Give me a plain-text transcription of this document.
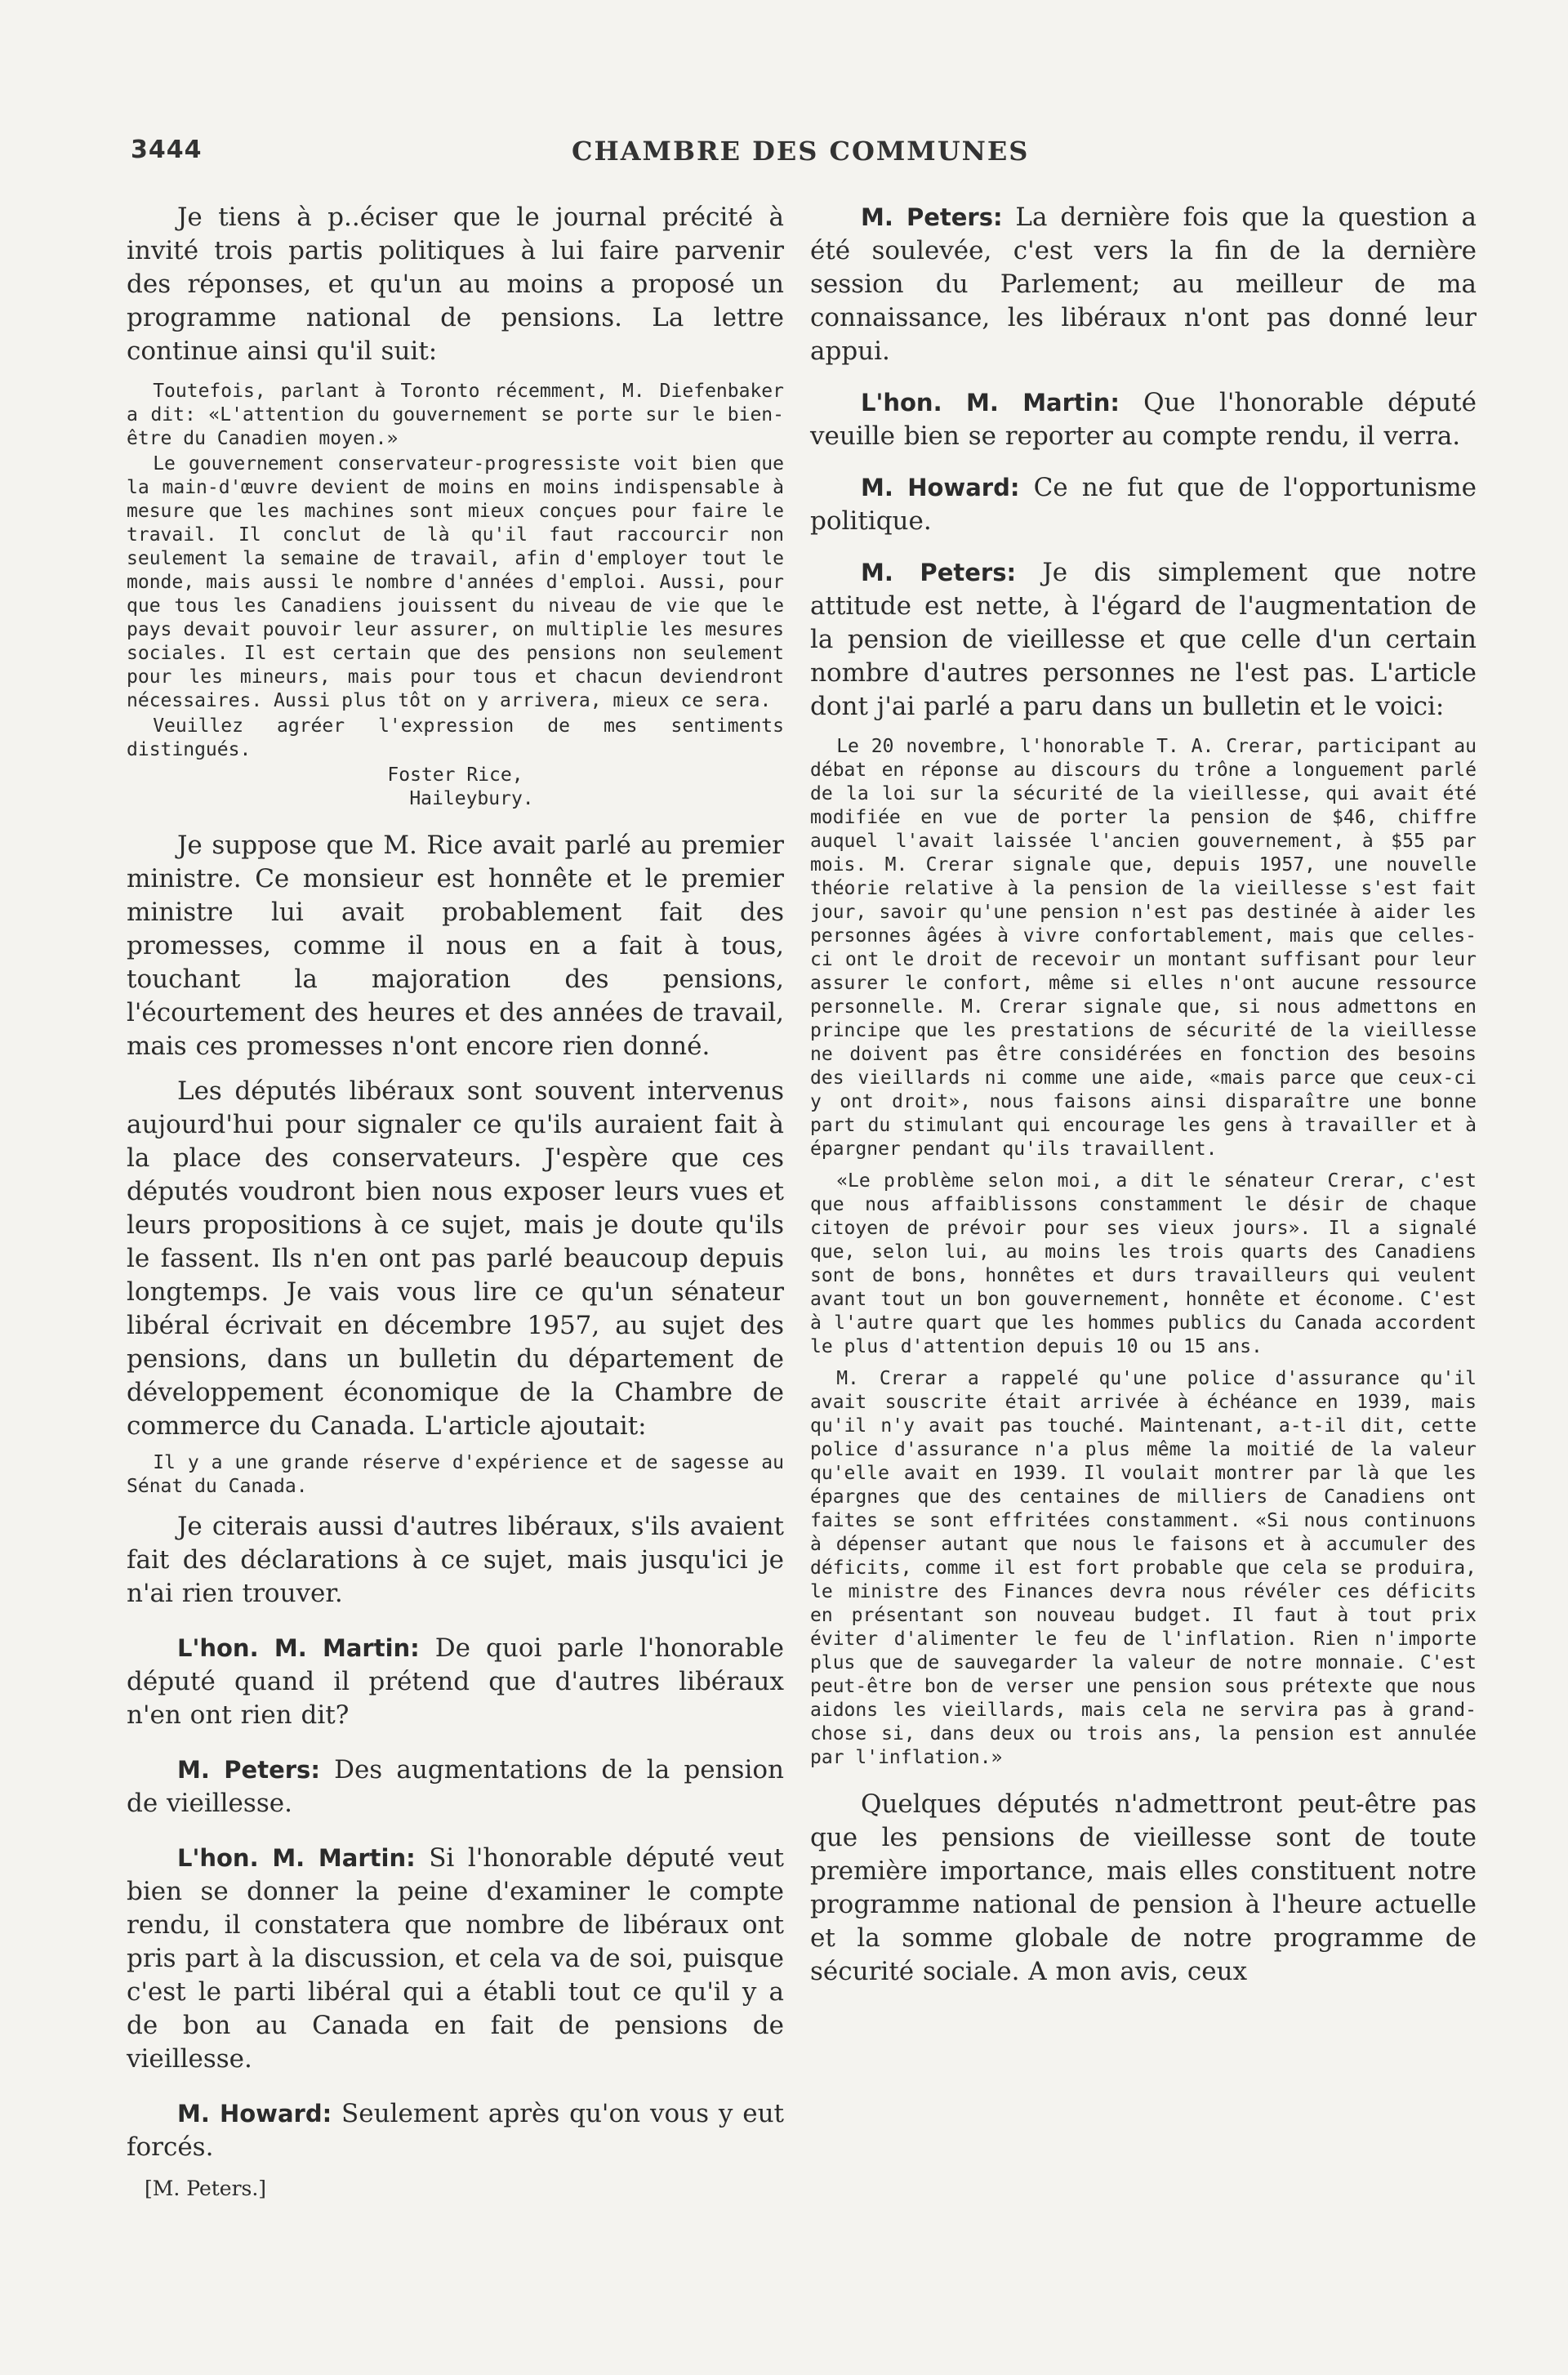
3444	CHAMBRE DES COMMUNES

Je tiens à p..éciser que le journal précité à invité trois partis politiques à lui faire parvenir des réponses, et qu'un au moins a proposé un programme national de pensions. La lettre continue ainsi qu'il suit:

Toutefois, parlant à Toronto récemment, M. Diefenbaker a dit: «L'attention du gouvernement se porte sur le bien-être du Canadien moyen.»

Le gouvernement conservateur-progressiste voit bien que la main-d'œuvre devient de moins en moins indispensable à mesure que les machines sont mieux conçues pour faire le travail. Il conclut de là qu'il faut raccourcir non seulement la semaine de travail, afin d'employer tout le monde, mais aussi le nombre d'années d'emploi. Aussi, pour que tous les Canadiens jouissent du niveau de vie que le pays devait pouvoir leur assurer, on multiplie les mesures sociales. Il est certain que des pensions non seulement pour les mineurs, mais pour tous et chacun deviendront nécessaires. Aussi plus tôt on y arrivera, mieux ce sera.

Veuillez agréer l'expression de mes sentiments distingués.

Foster Rice,
Haileybury.

Je suppose que M. Rice avait parlé au premier ministre. Ce monsieur est honnête et le premier ministre lui avait probablement fait des promesses, comme il nous en a fait à tous, touchant la majoration des pensions, l'écourtement des heures et des années de travail, mais ces promesses n'ont encore rien donné.

Les députés libéraux sont souvent intervenus aujourd'hui pour signaler ce qu'ils auraient fait à la place des conservateurs. J'espère que ces députés voudront bien nous exposer leurs vues et leurs propositions à ce sujet, mais je doute qu'ils le fassent. Ils n'en ont pas parlé beaucoup depuis longtemps. Je vais vous lire ce qu'un sénateur libéral écrivait en décembre 1957, au sujet des pensions, dans un bulletin du département de développement économique de la Chambre de commerce du Canada. L'article ajoutait:

Il y a une grande réserve d'expérience et de sagesse au Sénat du Canada.

Je citerais aussi d'autres libéraux, s'ils avaient fait des déclarations à ce sujet, mais jusqu'ici je n'ai rien trouver.

L'hon. M. Martin: De quoi parle l'honorable député quand il prétend que d'autres libéraux n'en ont rien dit?

M. Peters: Des augmentations de la pension de vieillesse.

L'hon. M. Martin: Si l'honorable député veut bien se donner la peine d'examiner le compte rendu, il constatera que nombre de libéraux ont pris part à la discussion, et cela va de soi, puisque c'est le parti libéral qui a établi tout ce qu'il y a de bon au Canada en fait de pensions de vieillesse.

M. Howard: Seulement après qu'on vous y eut forcés.

[M. Peters.]

M. Peters: La dernière fois que la question a été soulevée, c'est vers la fin de la dernière session du Parlement; au meilleur de ma connaissance, les libéraux n'ont pas donné leur appui.

L'hon. M. Martin: Que l'honorable député veuille bien se reporter au compte rendu, il verra.

M. Howard: Ce ne fut que de l'opportunisme politique.

M. Peters: Je dis simplement que notre attitude est nette, à l'égard de l'augmentation de la pension de vieillesse et que celle d'un certain nombre d'autres personnes ne l'est pas. L'article dont j'ai parlé a paru dans un bulletin et le voici:

Le 20 novembre, l'honorable T. A. Crerar, participant au débat en réponse au discours du trône a longuement parlé de la loi sur la sécurité de la vieillesse, qui avait été modifiée en vue de porter la pension de $46, chiffre auquel l'avait laissée l'ancien gouvernement, à $55 par mois. M. Crerar signale que, depuis 1957, une nouvelle théorie relative à la pension de la vieillesse s'est fait jour, savoir qu'une pension n'est pas destinée à aider les personnes âgées à vivre confortablement, mais que celles-ci ont le droit de recevoir un montant suffisant pour leur assurer le confort, même si elles n'ont aucune ressource personnelle. M. Crerar signale que, si nous admettons en principe que les prestations de sécurité de la vieillesse ne doivent pas être considérées en fonction des besoins des vieillards ni comme une aide, «mais parce que ceux-ci y ont droit», nous faisons ainsi disparaître une bonne part du stimulant qui encourage les gens à travailler et à épargner pendant qu'ils travaillent.

«Le problème selon moi, a dit le sénateur Crerar, c'est que nous affaiblissons constamment le désir de chaque citoyen de prévoir pour ses vieux jours». Il a signalé que, selon lui, au moins les trois quarts des Canadiens sont de bons, honnêtes et durs travailleurs qui veulent avant tout un bon gouvernement, honnête et économe. C'est à l'autre quart que les hommes publics du Canada accordent le plus d'attention depuis 10 ou 15 ans.

M. Crerar a rappelé qu'une police d'assurance qu'il avait souscrite était arrivée à échéance en 1939, mais qu'il n'y avait pas touché. Maintenant, a-t-il dit, cette police d'assurance n'a plus même la moitié de la valeur qu'elle avait en 1939. Il voulait montrer par là que les épargnes que des centaines de milliers de Canadiens ont faites se sont effritées constamment. «Si nous continuons à dépenser autant que nous le faisons et à accumuler des déficits, comme il est fort probable que cela se produira, le ministre des Finances devra nous révéler ces déficits en présentant son nouveau budget. Il faut à tout prix éviter d'alimenter le feu de l'inflation. Rien n'importe plus que de sauvegarder la valeur de notre monnaie. C'est peut-être bon de verser une pension sous prétexte que nous aidons les vieillards, mais cela ne servira pas à grand-chose si, dans deux ou trois ans, la pension est annulée par l'inflation.»

Quelques députés n'admettront peut-être pas que les pensions de vieillesse sont de toute première importance, mais elles constituent notre programme national de pension à l'heure actuelle et la somme globale de notre programme de sécurité sociale. A mon avis, ceux
